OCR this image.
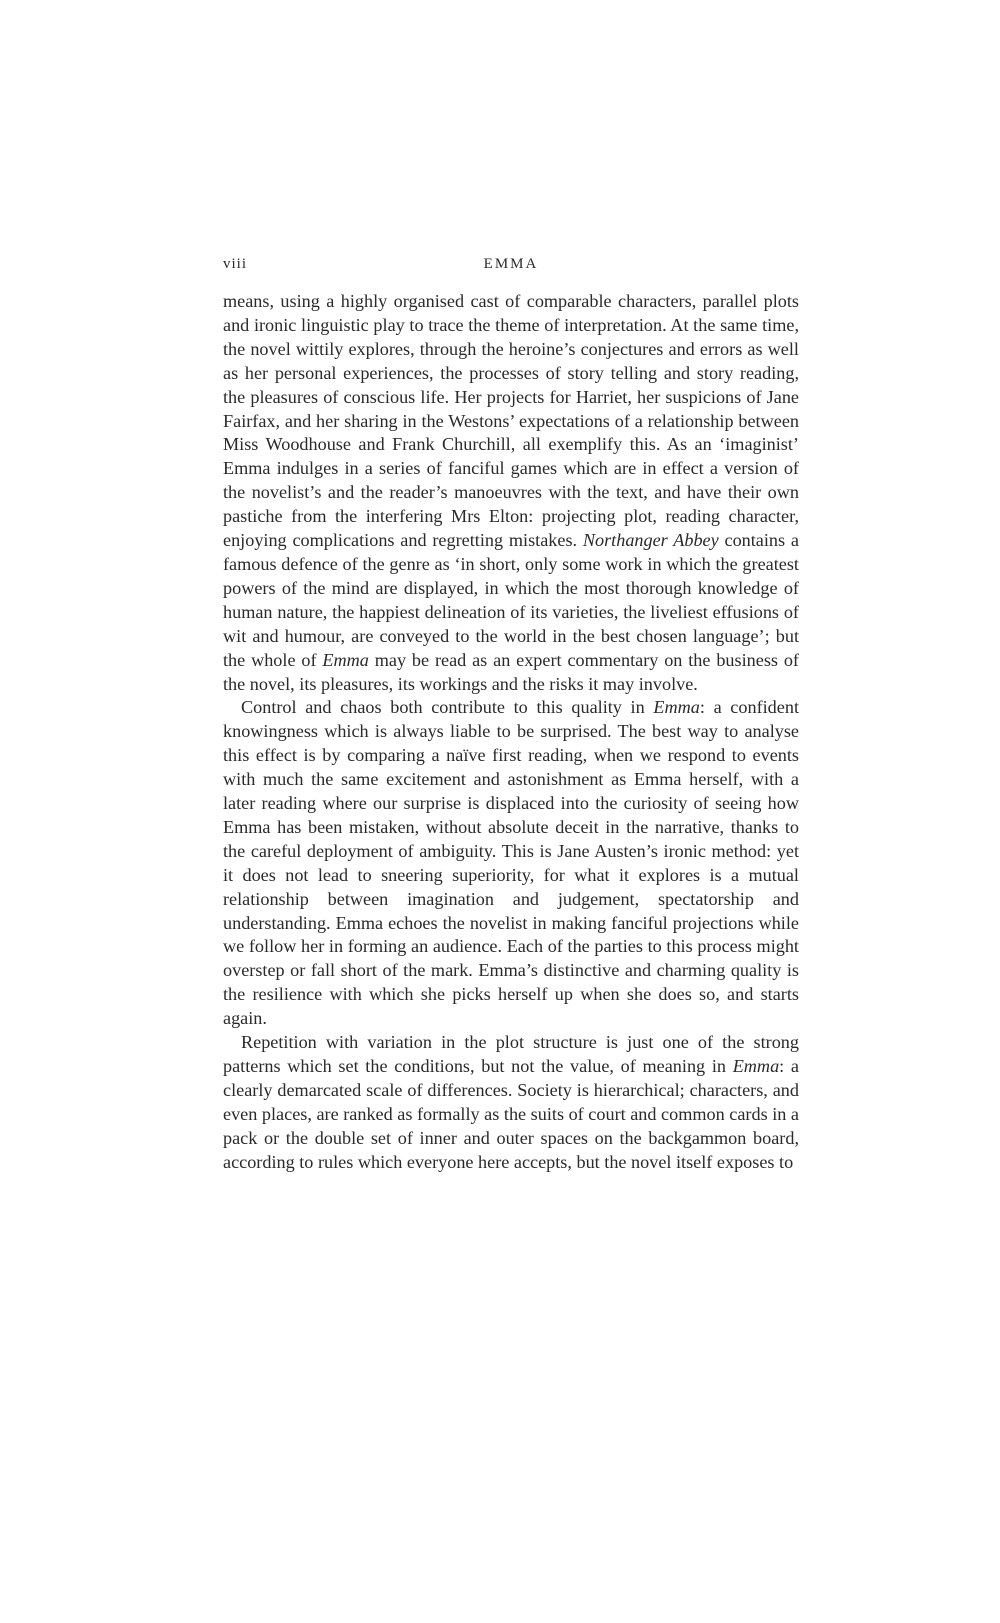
viii	EMMA

means, using a highly organised cast of comparable characters, parallel plots and ironic linguistic play to trace the theme of interpretation. At the same time, the novel wittily explores, through the heroine’s conjectures and errors as well as her personal experiences, the processes of story telling and story reading, the pleasures of conscious life. Her projects for Harriet, her suspicions of Jane Fairfax, and her sharing in the Westons’ expectations of a relationship between Miss Woodhouse and Frank Churchill, all exemplify this. As an ‘imaginist’ Emma indulges in a series of fanciful games which are in effect a version of the novelist’s and the reader’s manoeuvres with the text, and have their own pastiche from the interfering Mrs Elton: projecting plot, reading character, enjoying complications and regretting mistakes. Northanger Abbey contains a famous defence of the genre as ‘in short, only some work in which the greatest powers of the mind are displayed, in which the most thorough knowledge of human nature, the happiest delineation of its varieties, the liveliest effusions of wit and humour, are conveyed to the world in the best chosen language’; but the whole of Emma may be read as an expert commentary on the business of the novel, its pleasures, its workings and the risks it may involve.

Control and chaos both contribute to this quality in Emma: a confident knowingness which is always liable to be surprised. The best way to analyse this effect is by comparing a naïve first reading, when we respond to events with much the same excitement and astonishment as Emma herself, with a later reading where our surprise is displaced into the curiosity of seeing how Emma has been mistaken, without absolute deceit in the narrative, thanks to the careful deployment of ambiguity. This is Jane Austen’s ironic method: yet it does not lead to sneering superiority, for what it explores is a mutual relationship between imagination and judgement, spectatorship and understanding. Emma echoes the novelist in making fanciful projections while we follow her in forming an audience. Each of the parties to this process might overstep or fall short of the mark. Emma’s distinctive and charming quality is the resilience with which she picks herself up when she does so, and starts again.

Repetition with variation in the plot structure is just one of the strong patterns which set the conditions, but not the value, of meaning in Emma: a clearly demarcated scale of differences. Society is hierarchical; characters, and even places, are ranked as formally as the suits of court and common cards in a pack or the double set of inner and outer spaces on the backgammon board, according to rules which everyone here accepts, but the novel itself exposes to
